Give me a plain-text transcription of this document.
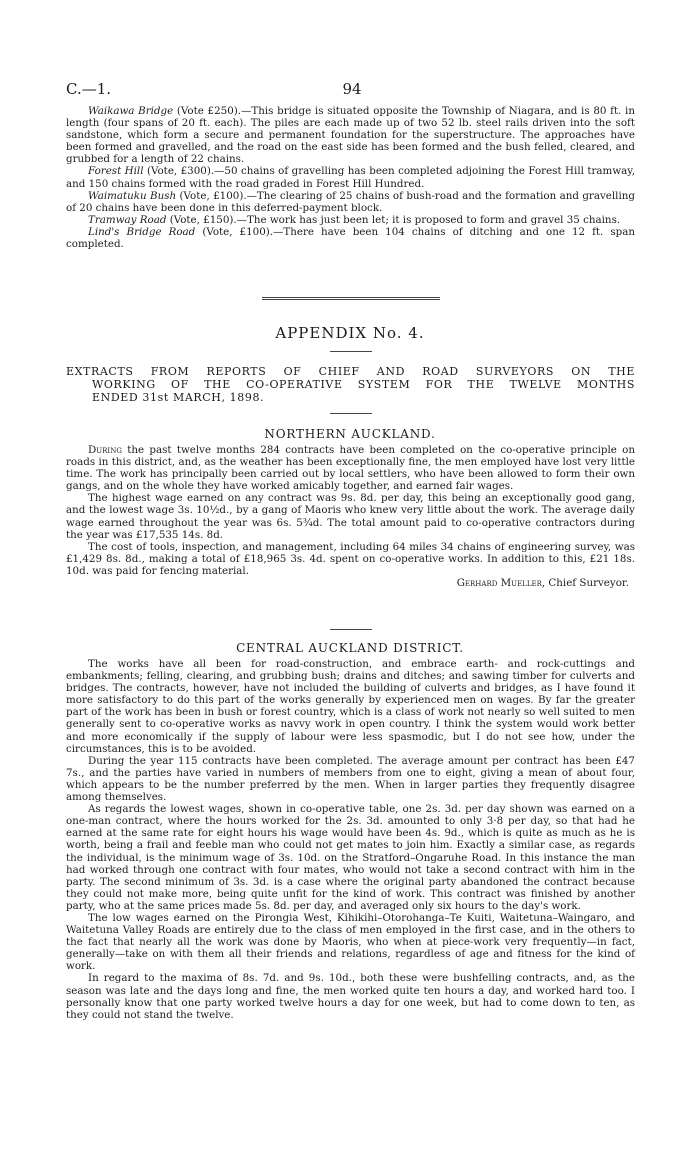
C.—1.	94

Waikawa Bridge (Vote £250).—This bridge is situated opposite the Township of Niagara, and is 80 ft. in length (four spans of 20 ft. each). The piles are each made up of two 52 lb. steel rails driven into the soft sandstone, which form a secure and permanent foundation for the superstructure. The approaches have been formed and gravelled, and the road on the east side has been formed and the bush felled, cleared, and grubbed for a length of 22 chains.

Forest Hill (Vote, £300).—50 chains of gravelling has been completed adjoining the Forest Hill tramway, and 150 chains formed with the road graded in Forest Hill Hundred.

Waimatuku Bush (Vote, £100).—The clearing of 25 chains of bush-road and the formation and gravelling of 20 chains have been done in this deferred-payment block.

Tramway Road (Vote, £150).—The work has just been let; it is proposed to form and gravel 35 chains.

Lind's Bridge Road (Vote, £100).—There have been 104 chains of ditching and one 12 ft. span completed.

APPENDIX No. 4.
EXTRACTS FROM REPORTS OF CHIEF AND ROAD SURVEYORS ON THE
WORKING OF THE CO-OPERATIVE SYSTEM FOR THE TWELVE MONTHS
ENDED 31st MARCH, 1898.
NORTHERN AUCKLAND.

During the past twelve months 284 contracts have been completed on the co-operative principle on roads in this district, and, as the weather has been exceptionally fine, the men employed have lost very little time. The work has principally been carried out by local settlers, who have been allowed to form their own gangs, and on the whole they have worked amicably together, and earned fair wages.

The highest wage earned on any contract was 9s. 8d. per day, this being an exceptionally good gang, and the lowest wage 3s. 10½d., by a gang of Maoris who knew very little about the work. The average daily wage earned throughout the year was 6s. 5¾d. The total amount paid to co-operative contractors during the year was £17,535 14s. 8d.

The cost of tools, inspection, and management, including 64 miles 34 chains of engineering survey, was £1,429 8s. 8d., making a total of £18,965 3s. 4d. spent on co-operative works. In addition to this, £21 18s. 10d. was paid for fencing material.

Gerhard Mueller, Chief Surveyor.
CENTRAL AUCKLAND DISTRICT.

The works have all been for road-construction, and embrace earth- and rock-cuttings and embankments; felling, clearing, and grubbing bush; drains and ditches; and sawing timber for culverts and bridges. The contracts, however, have not included the building of culverts and bridges, as I have found it more satisfactory to do this part of the works generally by experienced men on wages. By far the greater part of the work has been in bush or forest country, which is a class of work not nearly so well suited to men generally sent to co-operative works as navvy work in open country. I think the system would work better and more economically if the supply of labour were less spasmodic, but I do not see how, under the circumstances, this is to be avoided.

During the year 115 contracts have been completed. The average amount per contract has been £47 7s., and the parties have varied in numbers of members from one to eight, giving a mean of about four, which appears to be the number preferred by the men. When in larger parties they frequently disagree among themselves.

As regards the lowest wages, shown in co-operative table, one 2s. 3d. per day shown was earned on a one-man contract, where the hours worked for the 2s. 3d. amounted to only 3·8 per day, so that had he earned at the same rate for eight hours his wage would have been 4s. 9d., which is quite as much as he is worth, being a frail and feeble man who could not get mates to join him. Exactly a similar case, as regards the individual, is the minimum wage of 3s. 10d. on the Stratford–Ongaruhe Road. In this instance the man had worked through one contract with four mates, who would not take a second contract with him in the party. The second minimum of 3s. 3d. is a case where the original party abandoned the contract because they could not make more, being quite unfit for the kind of work. This contract was finished by another party, who at the same prices made 5s. 8d. per day, and averaged only six hours to the day's work.

The low wages earned on the Pirongia West, Kihikihi–Otorohanga–Te Kuiti, Waitetuna–Waingaro, and Waitetuna Valley Roads are entirely due to the class of men employed in the first case, and in the others to the fact that nearly all the work was done by Maoris, who when at piece-work very frequently—in fact, generally—take on with them all their friends and relations, regardless of age and fitness for the kind of work.

In regard to the maxima of 8s. 7d. and 9s. 10d., both these were bushfelling contracts, and, as the season was late and the days long and fine, the men worked quite ten hours a day, and worked hard too. I personally know that one party worked twelve hours a day for one week, but had to come down to ten, as they could not stand the twelve.
